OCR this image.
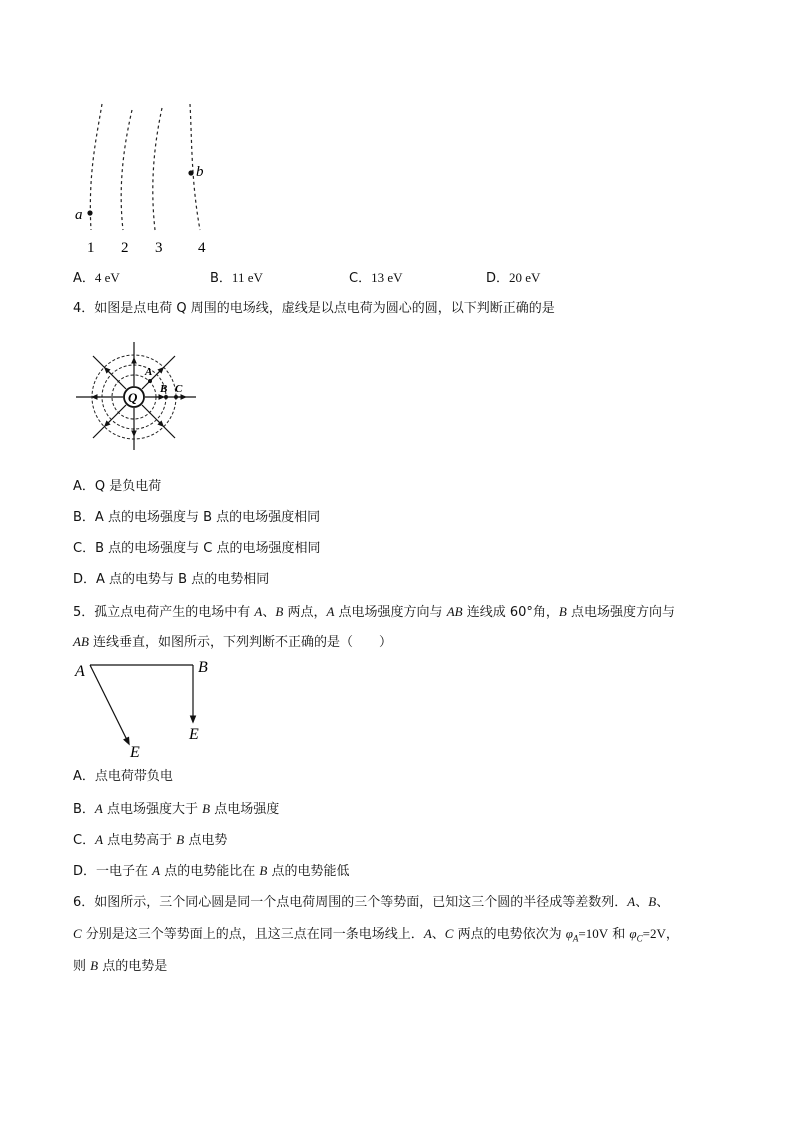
a
b
1 2 3 4
A．4 eV	B．11 eV	C．13 eV	D．20 eV
4．如图是点电荷 Q 周围的电场线，虚线是以点电荷为圆心的圆，以下判断正确的是
Q
A
B C
A．Q 是负电荷
B．A 点的电场强度与 B 点的电场强度相同
C．B 点的电场强度与 C 点的电场强度相同
D．A 点的电势与 B 点的电势相同
5．孤立点电荷产生的电场中有 A、B 两点，A 点电场强度方向与 AB 连线成 60°角，B 点电场强度方向与
AB 连线垂直，如图所示，下列判断不正确的是（　　）
A	B
E
E
A．点电荷带负电
B．A 点电场强度大于 B 点电场强度
C．A 点电势高于 B 点电势
D．一电子在 A 点的电势能比在 B 点的电势能低
6．如图所示，三个同心圆是同一个点电荷周围的三个等势面，已知这三个圆的半径成等差数列．A、B、
C 分别是这三个等势面上的点，且这三点在同一条电场线上．A、C 两点的电势依次为 $\varphi_A=10V$ 和 $\varphi_C=2V$，
则 B 点的电势是
